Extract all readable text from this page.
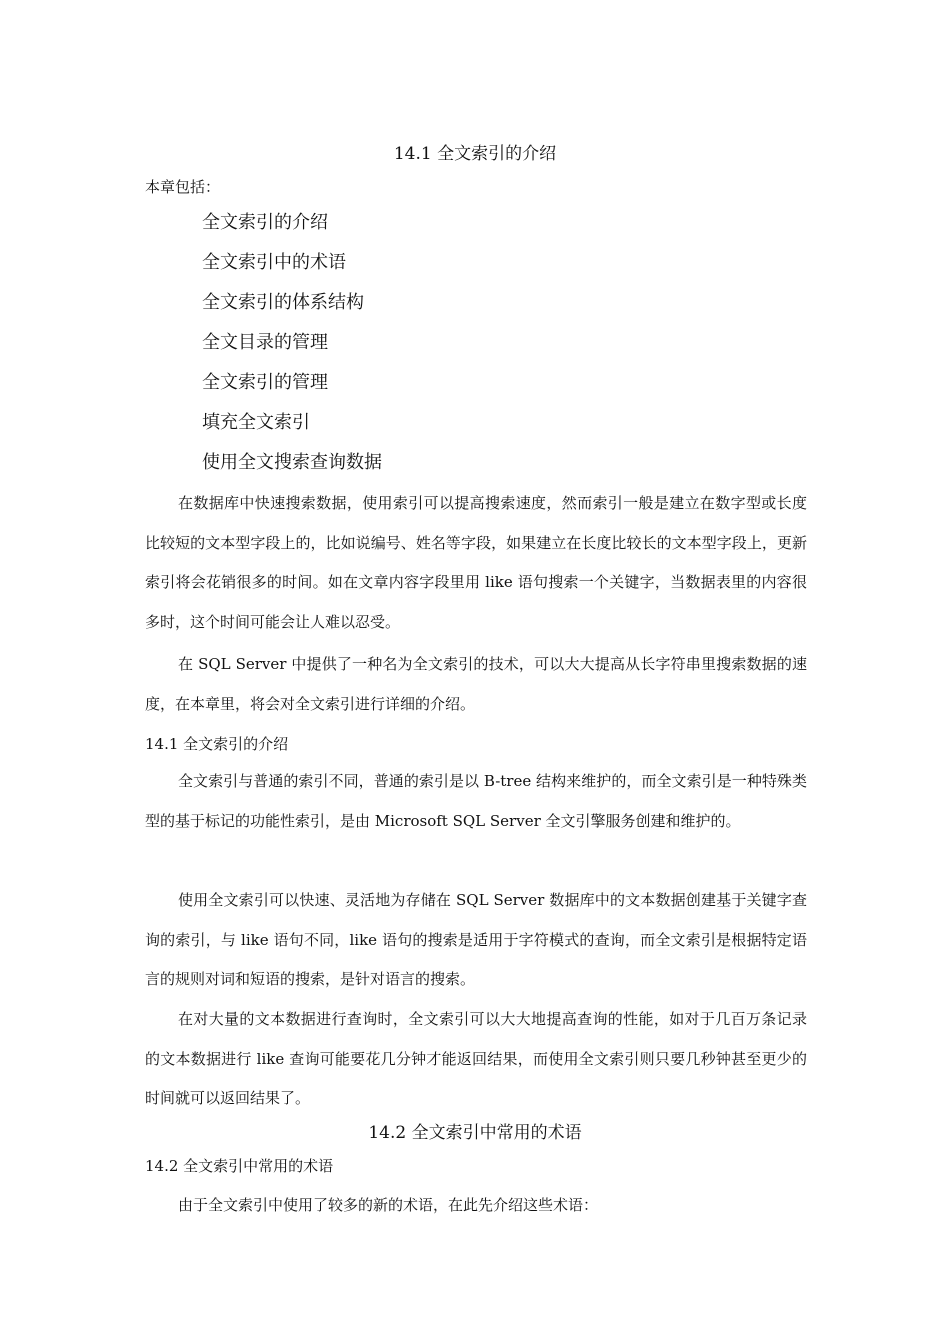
14.1 全文索引的介绍
本章包括：
全文索引的介绍
全文索引中的术语
全文索引的体系结构
全文目录的管理
全文索引的管理
填充全文索引
使用全文搜索查询数据

在数据库中快速搜索数据，使用索引可以提高搜索速度，然而索引一般是建立在数字型或长度比较短的文本型字段上的，比如说编号、姓名等字段，如果建立在长度比较长的文本型字段上，更新索引将会花销很多的时间。如在文章内容字段里用 like 语句搜索一个关键字，当数据表里的内容很多时，这个时间可能会让人难以忍受。

在 SQL Server 中提供了一种名为全文索引的技术，可以大大提高从长字符串里搜索数据的速度，在本章里，将会对全文索引进行详细的介绍。

14.1 全文索引的介绍

全文索引与普通的索引不同，普通的索引是以 B-tree 结构来维护的，而全文索引是一种特殊类型的基于标记的功能性索引，是由 Microsoft SQL Server 全文引擎服务创建和维护的。

使用全文索引可以快速、灵活地为存储在 SQL Server 数据库中的文本数据创建基于关键字查询的索引，与 like 语句不同，like 语句的搜索是适用于字符模式的查询，而全文索引是根据特定语言的规则对词和短语的搜索，是针对语言的搜索。

在对大量的文本数据进行查询时，全文索引可以大大地提高查询的性能，如对于几百万条记录的文本数据进行 like 查询可能要花几分钟才能返回结果，而使用全文索引则只要几秒钟甚至更少的时间就可以返回结果了。

14.2 全文索引中常用的术语
14.2 全文索引中常用的术语

由于全文索引中使用了较多的新的术语，在此先介绍这些术语：
